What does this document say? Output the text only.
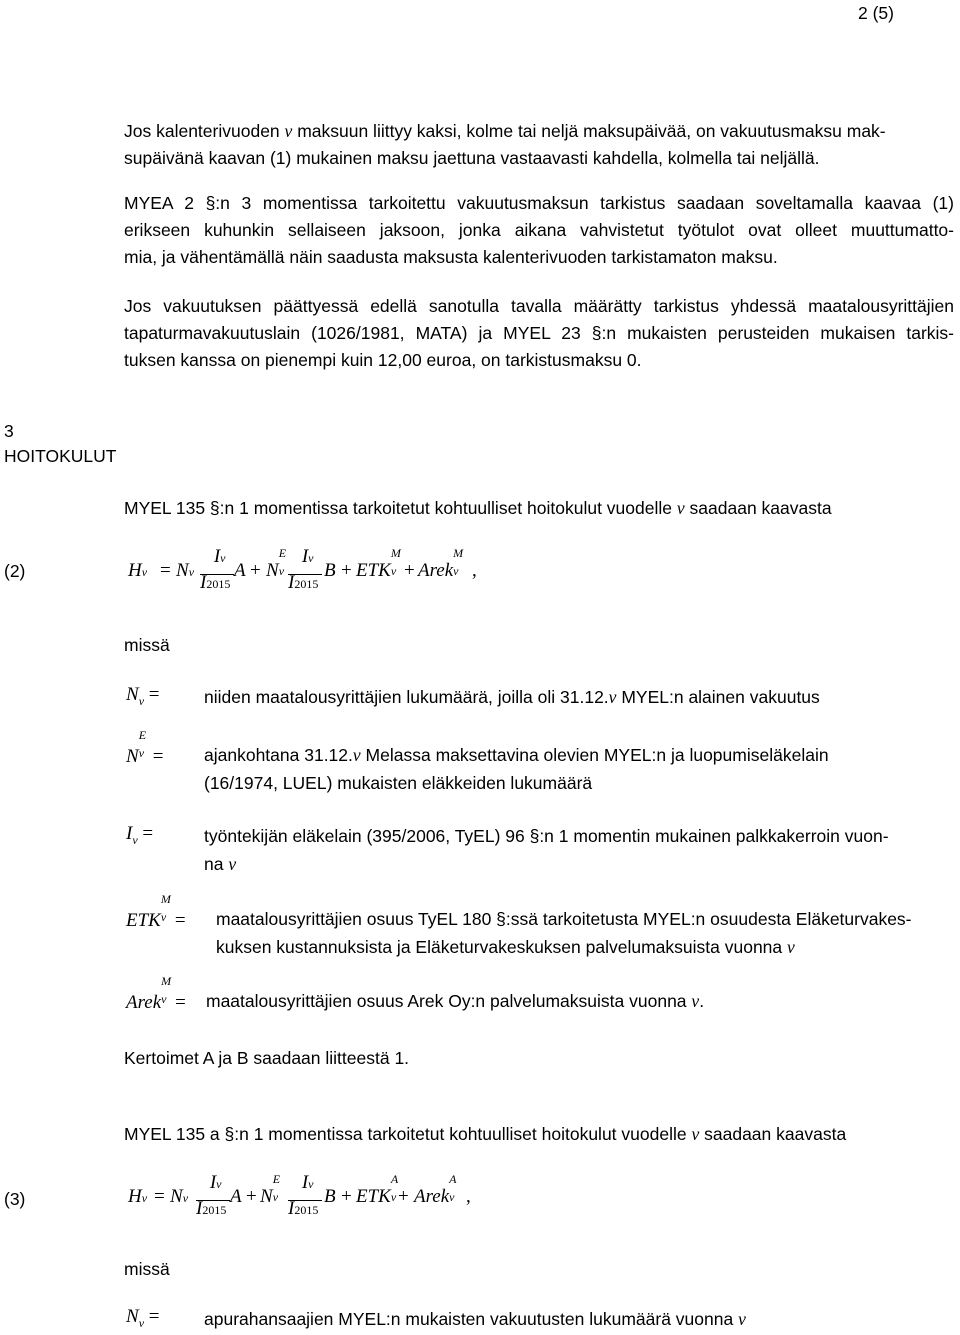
2 (5)
Jos kalenterivuoden v maksuun liittyy kaksi, kolme tai neljä maksupäivää, on vakuutusmaksu mak-
supäivänä kaavan (1) mukainen maksu jaettuna vastaavasti kahdella, kolmella tai neljällä.
MYEA 2 §:n 3 momentissa tarkoitettu vakuutusmaksun tarkistus saadaan soveltamalla kaavaa (1)
erikseen kuhunkin sellaiseen jaksoon, jonka aikana vahvistetut työtulot ovat olleet muuttumatto-
mia, ja vähentämällä näin saadusta maksusta kalenterivuoden tarkistamaton maksu.
Jos vakuutuksen päättyessä edellä sanotulla tavalla määrätty tarkistus yhdessä maatalousyrittäjien
tapaturmavakuutuslain (1026/1981, MATA) ja MYEL 23 §:n mukaisten perusteiden mukaisen tarkis-
tuksen kanssa on pienempi kuin 12,00 euroa, on tarkistusmaksu 0.
3
HOITOKULUT
MYEL 135 §:n 1 momentissa tarkoitetut kohtuulliset hoitokulut vuodelle v saadaan kaavasta
(2)	H v = N v
I v
I 2015
A + N
E
v
I v
I 2015
B + ETK
M
v + Arek
M
v ,
missä
$N_v$ =	niiden maatalousyrittäjien lukumäärä, joilla oli 31.12.v MYEL:n alainen vakuutus
N
E
v = ajankohtana 31.12.v Melassa maksettavina olevien MYEL:n ja luopumiseläkelain
(16/1974, LUEL) mukaisten eläkkeiden lukumäärä
$I_v$ =	työntekijän eläkelain (395/2006, TyEL) 96 §:n 1 momentin mukainen palkkakerroin vuon-
na v
ETK
M
v = maatalousyrittäjien osuus TyEL 180 §:ssä tarkoitetusta MYEL:n osuudesta Eläketurvakes-
kuksen kustannuksista ja Eläketurvakeskuksen palvelumaksuista vuonna v
Arek
M
v = maatalousyrittäjien osuus Arek Oy:n palvelumaksuista vuonna v.
Kertoimet A ja B saadaan liitteestä 1.
MYEL 135 a §:n 1 momentissa tarkoitetut kohtuulliset hoitokulut vuodelle v saadaan kaavasta
(3)	H v = N v
I v
I 2015
A + N
E
v
I v
I 2015
B + ETK
A
v + Arek
A
v ,
missä
$N_v$ =	apurahansaajien MYEL:n mukaisten vakuutusten lukumäärä vuonna v
